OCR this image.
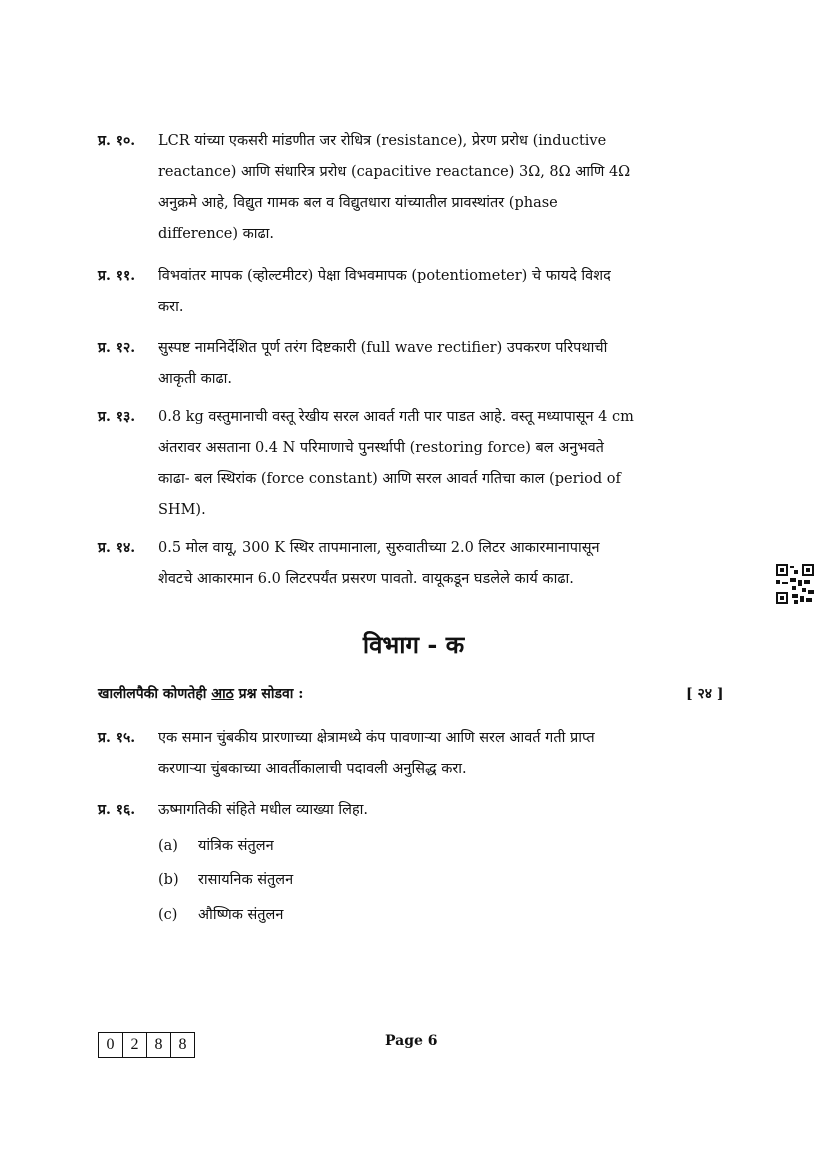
प्र. १०. LCR यांच्या एकसरी मांडणीत जर रोधित्र (resistance), प्रेरण प्ररोध (inductive reactance) आणि संधारित्र प्ररोध (capacitive reactance) 3Ω, 8Ω आणि 4Ω अनुक्रमे आहे, विद्युत गामक बल व विद्युतधारा यांच्यातील प्रावस्थांतर (phase difference) काढा.
प्र. ११. विभवांतर मापक (व्होल्टमीटर) पेक्षा विभवमापक (potentiometer) चे फायदे विशद करा.
प्र. १२. सुस्पष्ट नामनिर्देशित पूर्ण तरंग दिष्टकारी (full wave rectifier) उपकरण परिपथाची आकृती काढा.
प्र. १३. 0.8 kg वस्तुमानाची वस्तू रेखीय सरल आवर्त गती पार पाडत आहे. वस्तू मध्यापासून 4 cm अंतरावर असताना 0.4 N परिमाणाचे पुनर्स्थापी (restoring force) बल अनुभवते काढा- बल स्थिरांक (force constant) आणि सरल आवर्त गतिचा काल (period of SHM).
प्र. १४. 0.5 मोल वायू, 300 K स्थिर तापमानाला, सुरुवातीच्या 2.0 लिटर आकारमानापासून शेवटचे आकारमान 6.0 लिटरपर्यंत प्रसरण पावतो. वायूकडून घडलेले कार्य काढा.
विभाग - क
खालीलपैकी कोणतेही आठ प्रश्न सोडवा :	[ २४ ]
प्र. १५. एक समान चुंबकीय प्रारणाच्या क्षेत्रामध्ये कंप पावणाऱ्या आणि सरल आवर्त गती प्राप्त करणाऱ्या चुंबकाच्या आवर्तीकालाची पदावली अनुसिद्ध करा.
प्र. १६. ऊष्मागतिकी संहिते मधील व्याख्या लिहा.
(a) यांत्रिक संतुलन
(b) रासायनिक संतुलन
(c) औष्णिक संतुलन
0	2	8	8	Page 6
